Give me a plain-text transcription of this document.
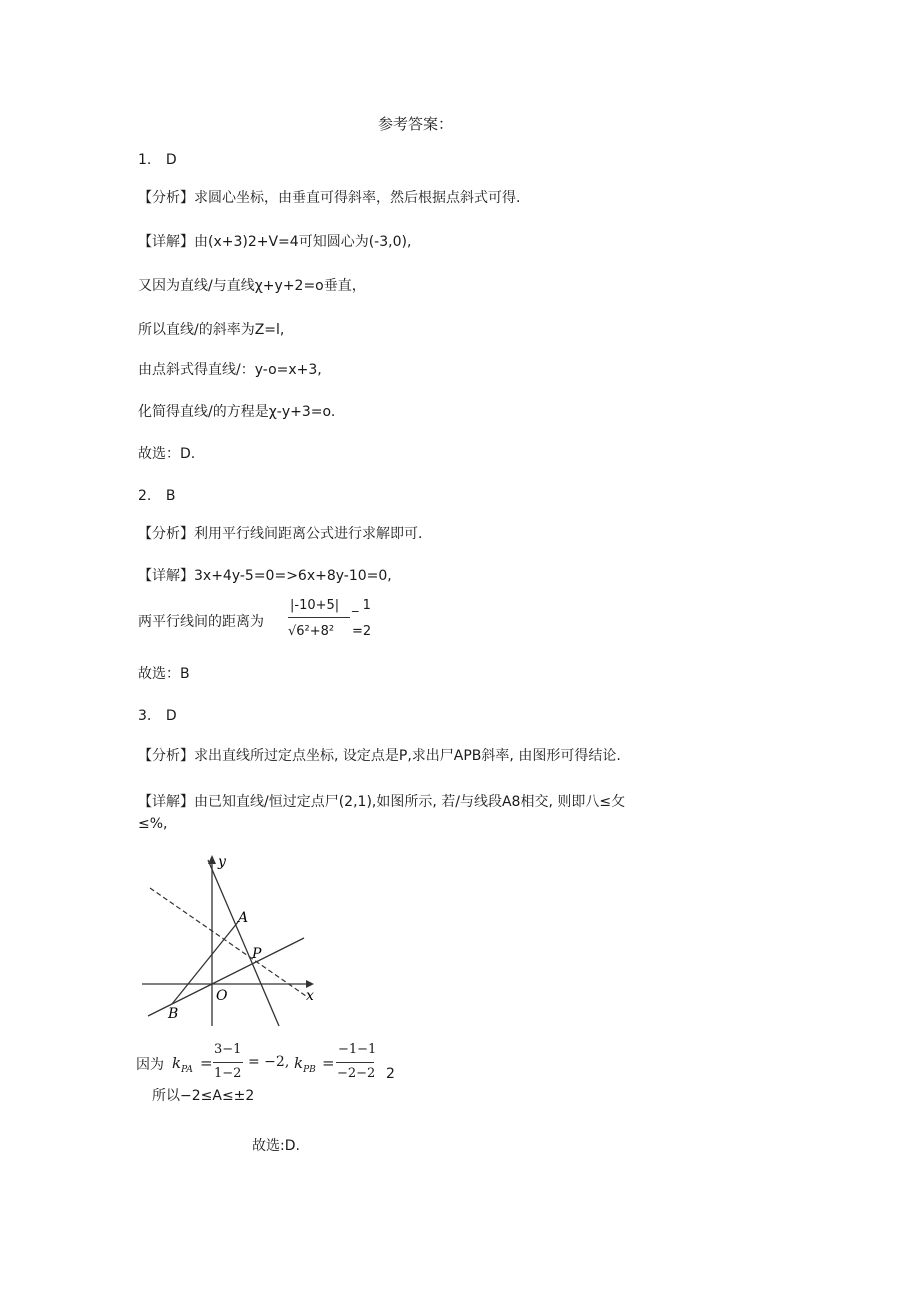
参考答案：
1. D
【分析】求圆心坐标，由垂直可得斜率，然后根据点斜式可得.
【详解】由(x+3)2+V=4可知圆心为(-3,0),
又因为直线/与直线χ+y+2=o垂直，
所以直线/的斜率为Z=l,
由点斜式得直线/：y-o=x+3,
化简得直线/的方程是χ-y+3=o.
故选：D.
2. B
【分析】利用平行线间距离公式进行求解即可.
【详解】3x+4y-5=0=>6x+8y-10=0,
两平行线间的距离为
|-10+5|
√6²+8²
_ 1
=2
故选：B
3. D
【分析】求出直线所过定点坐标, 设定点是P,求出尸APB斜率, 由图形可得结论.
【详解】由已知直线/恒过定点尸(2,1),如图所示, 若/与线段A8相交, 则即八≤攵
≤%,
y
x
A
P
O
B
因为 $k_{PA}$ =
3−1
1−2
= −2, $k_{PB}$ =
−1−1
−2−2 2
所以−2≤A≤±2
故选:D.
